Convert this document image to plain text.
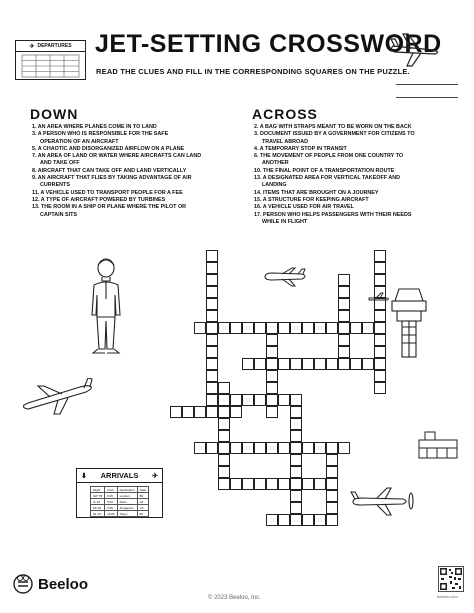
✈ DEPARTURES JET-SETTING CROSSWORD
READ THE CLUES AND FILL IN THE CORRESPONDING SQUARES ON THE PUZZLE.
DOWN	ACROSS
1. AN AREA WHERE PLANES COME IN TO LAND
3. A PERSON WHO IS RESPONSIBLE FOR THE SAFE
OPERATION OF AN AIRCRAFT
5. A CHAOTIC AND DISORGANIZED AIRFLOW ON A PLANE
7. AN AREA OF LAND OR WATER WHERE AIRCRAFTS CAN LAND
AND TAKE OFF
8. AIRCRAFT THAT CAN TAKE OFF AND LAND VERTICALLY
9. AN AIRCRAFT THAT FLIES BY TAKING ADVANTAGE OF AIR
CURRENTS
11. A VEHICLE USED TO TRANSPORT PEOPLE FOR A FEE
12. A TYPE OF AIRCRAFT POWERED BY TURBINES
13. THE ROOM IN A SHIP OR PLANE WHERE THE PILOT OR
CAPTAIN SITS
2. A BAG WITH STRAPS MEANT TO BE WORN ON THE BACK
3. DOCUMENT ISSUED BY A GOVERNMENT FOR CITIZENS TO
TRAVEL ABROAD
4. A TEMPORARY STOP IN TRANSIT
6. THE MOVEMENT OF PEOPLE FROM ONE COUNTRY TO
ANOTHER
10. THE FINAL POINT OF A TRANSPORTATION ROUTE
13. A DESIGNATED AREA FOR VERTICAL TAKEOFF AND
LANDING
14. ITEMS THAT ARE BROUGHT ON A JOURNEY
15. A STRUCTURE FOR KEEPING AIRCRAFT
16. A VEHICLE USED FOR AIR TRAVEL
17. PERSON WHO HELPS PASSENGERS WITH THEIR NEEDS
WHILE IN FLIGHT
⬇ ARRIVALS ✈
Flight	From	Destination	Gate
AW 7B	8:45	London	B3
JL 44	9:10	Paris	A4
SK 92	9:35	Singapore	C1
NL 15	10:05	Tokyo	B7
Beeloo
© 2023 Beeloo, Inc.	beeloo.com
